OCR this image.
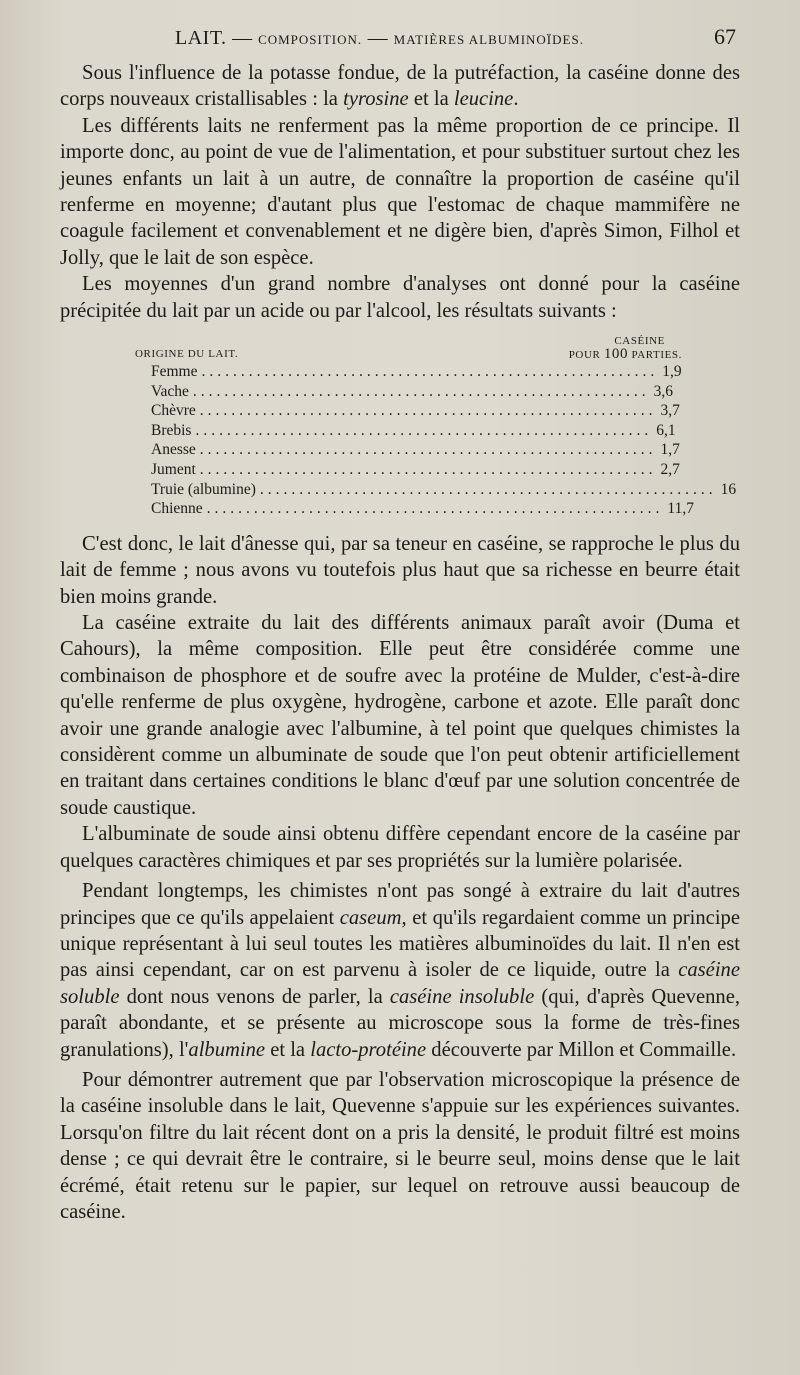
LAIT. — COMPOSITION. — MATIÈRES ALBUMINOÏDES.	67

Sous l'influence de la potasse fondue, de la putréfaction, la caséine donne des corps nouveaux cristallisables : la tyrosine et la leucine.

Les différents laits ne renferment pas la même proportion de ce principe. Il importe donc, au point de vue de l'alimentation, et pour substituer surtout chez les jeunes enfants un lait à un autre, de connaître la proportion de caséine qu'il renferme en moyenne; d'autant plus que l'estomac de chaque mammifère ne coagule facilement et convenablement et ne digère bien, d'après Simon, Filhol et Jolly, que le lait de son espèce.

Les moyennes d'un grand nombre d'analyses ont donné pour la caséine précipitée du lait par un acide ou par l'alcool, les résultats suivants :

ORIGINE DU LAIT.
CASÉINE
POUR 100 PARTIES.
Femme .......................................................... 1,9
Vache .......................................................... 3,6
Chèvre .......................................................... 3,7
Brebis .......................................................... 6,1
Anesse .......................................................... 1,7
Jument .......................................................... 2,7
Truie (albumine) .......................................................... 16
Chienne .......................................................... 11,7

C'est donc, le lait d'ânesse qui, par sa teneur en caséine, se rapproche le plus du lait de femme ; nous avons vu toutefois plus haut que sa richesse en beurre était bien moins grande.

La caséine extraite du lait des différents animaux paraît avoir (Duma et Cahours), la même composition. Elle peut être considérée comme une combinaison de phosphore et de soufre avec la protéine de Mulder, c'est-à-dire qu'elle renferme de plus oxygène, hydrogène, carbone et azote. Elle paraît donc avoir une grande analogie avec l'albumine, à tel point que quelques chimistes la considèrent comme un albuminate de soude que l'on peut obtenir artificiellement en traitant dans certaines conditions le blanc d'œuf par une solution concentrée de soude caustique.

L'albuminate de soude ainsi obtenu diffère cependant encore de la caséine par quelques caractères chimiques et par ses propriétés sur la lumière polarisée.

Pendant longtemps, les chimistes n'ont pas songé à extraire du lait d'autres principes que ce qu'ils appelaient caseum, et qu'ils regardaient comme un principe unique représentant à lui seul toutes les matières albuminoïdes du lait. Il n'en est pas ainsi cependant, car on est parvenu à isoler de ce liquide, outre la caséine soluble dont nous venons de parler, la caséine insoluble (qui, d'après Quevenne, paraît abondante, et se présente au microscope sous la forme de très-fines granulations), l'albumine et la lacto-protéine découverte par Millon et Commaille.

Pour démontrer autrement que par l'observation microscopique la présence de la caséine insoluble dans le lait, Quevenne s'appuie sur les expériences suivantes. Lorsqu'on filtre du lait récent dont on a pris la densité, le produit filtré est moins dense ; ce qui devrait être le contraire, si le beurre seul, moins dense que le lait écrémé, était retenu sur le papier, sur lequel on retrouve aussi beaucoup de caséine.
